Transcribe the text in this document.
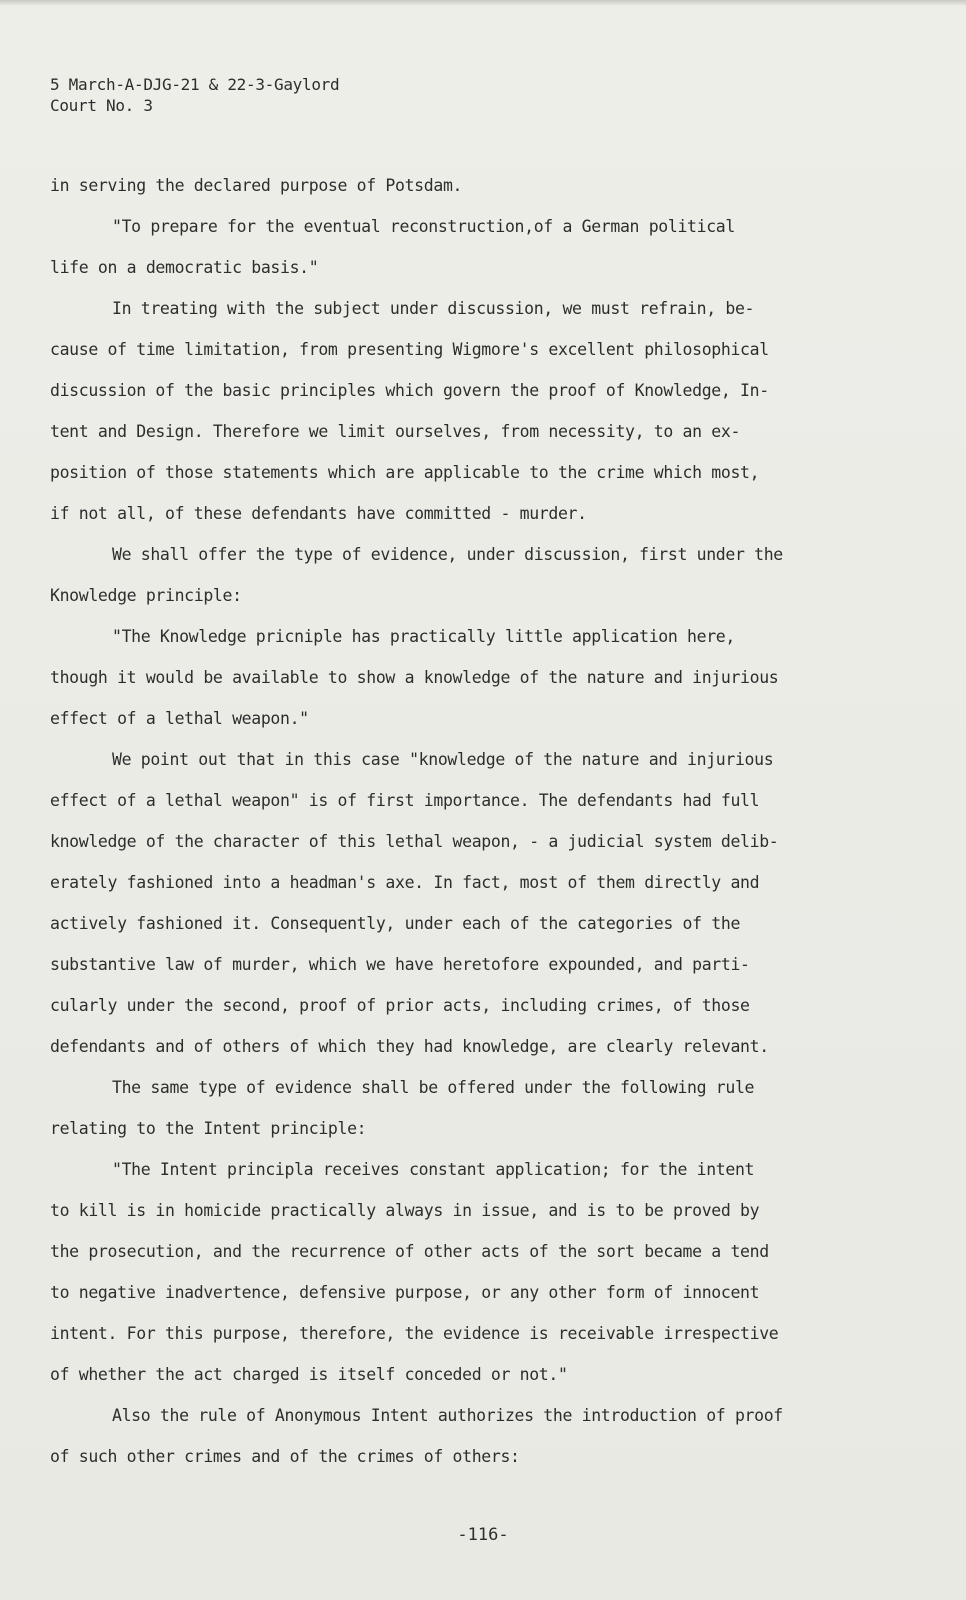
5 March-A-DJG-21 & 22-3-Gaylord
Court No. 3
in serving the declared purpose of Potsdam.
"To prepare for the eventual reconstruction,of a German political
life on a democratic basis."
In treating with the subject under discussion, we must refrain, be-
cause of time limitation, from presenting Wigmore's excellent philosophical
discussion of the basic principles which govern the proof of Knowledge, In-
tent and Design. Therefore we limit ourselves, from necessity, to an ex-
position of those statements which are applicable to the crime which most,
if not all, of these defendants have committed - murder.
We shall offer the type of evidence, under discussion, first under the
Knowledge principle:
"The Knowledge pricniple has practically little application here,
though it would be available to show a knowledge of the nature and injurious
effect of a lethal weapon."
We point out that in this case "knowledge of the nature and injurious
effect of a lethal weapon" is of first importance. The defendants had full
knowledge of the character of this lethal weapon, - a judicial system delib-
erately fashioned into a headman's axe. In fact, most of them directly and
actively fashioned it. Consequently, under each of the categories of the
substantive law of murder, which we have heretofore expounded, and parti-
cularly under the second, proof of prior acts, including crimes, of those
defendants and of others of which they had knowledge, are clearly relevant.
The same type of evidence shall be offered under the following rule
relating to the Intent principle:
"The Intent principla receives constant application; for the intent
to kill is in homicide practically always in issue, and is to be proved by
the prosecution, and the recurrence of other acts of the sort became a tend
to negative inadvertence, defensive purpose, or any other form of innocent
intent. For this purpose, therefore, the evidence is receivable irrespective
of whether the act charged is itself conceded or not."
Also the rule of Anonymous Intent authorizes the introduction of proof
of such other crimes and of the crimes of others:
-116-
